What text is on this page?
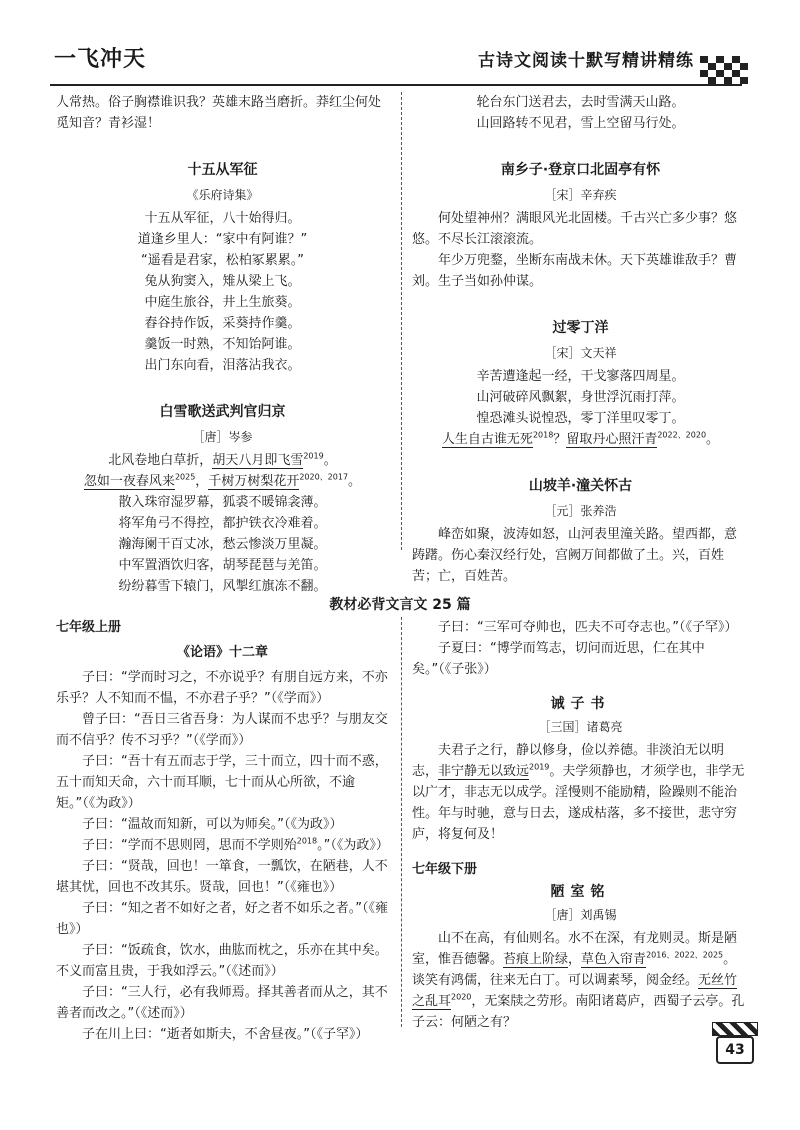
一飞冲天	古诗文阅读十默写精讲精练

人常热。俗子胸襟谁识我？英雄末路当磨折。莽红尘何处觅知音？青衫湿！

十五从军征
《乐府诗集》
十五从军征，八十始得归。
道逢乡里人：“家中有阿谁？”
“遥看是君家，松柏冢累累。”
兔从狗窦入，雉从梁上飞。
中庭生旅谷，井上生旅葵。
舂谷持作饭，采葵持作羹。
羹饭一时熟，不知饴阿谁。
出门东向看，泪落沾我衣。
白雪歌送武判官归京
［唐］岑参
北风卷地白草折，胡天八月即飞雪$^{2019}$。
忽如一夜春风来$^{2025}$，千树万树梨花开$^{2020、2017}$。
散入珠帘湿罗幕，狐裘不暖锦衾薄。
将军角弓不得控，都护铁衣冷难着。
瀚海阑干百丈冰，愁云惨淡万里凝。
中军置酒饮归客，胡琴琵琶与羌笛。
纷纷暮雪下辕门，风掣红旗冻不翻。
轮台东门送君去，去时雪满天山路。
山回路转不见君，雪上空留马行处。
南乡子·登京口北固亭有怀
［宋］辛弃疾

何处望神州？满眼风光北固楼。千古兴亡多少事？悠悠。不尽长江滚滚流。

年少万兜鍪，坐断东南战未休。天下英雄谁敌手？曹刘。生子当如孙仲谋。

过零丁洋
［宋］文天祥
辛苦遭逢起一经，干戈寥落四周星。
山河破碎风飘絮，身世浮沉雨打萍。
惶恐滩头说惶恐，零丁洋里叹零丁。
人生自古谁无死$^{2018}$？留取丹心照汗青$^{2022、2020}$。
山坡羊·潼关怀古
［元］张养浩

峰峦如聚，波涛如怒，山河表里潼关路。望西都，意踌躇。伤心秦汉经行处，宫阙万间都做了土。兴，百姓苦；亡，百姓苦。

教材必背文言文 25 篇
七年级上册
《论语》十二章

子曰：“学而时习之，不亦说乎？有朋自远方来，不亦乐乎？人不知而不愠，不亦君子乎？”（《学而》）

曾子曰：“吾日三省吾身：为人谋而不忠乎？与朋友交而不信乎？传不习乎？”（《学而》）

子曰：“吾十有五而志于学，三十而立，四十而不惑，五十而知天命，六十而耳顺，七十而从心所欲，不逾矩。”（《为政》）

子曰：“温故而知新，可以为师矣。”（《为政》）

子曰：“学而不思则罔，思而不学则殆$^{2018}$。”（《为政》）

子曰：“贤哉，回也！一箪食，一瓢饮，在陋巷，人不堪其忧，回也不改其乐。贤哉，回也！”（《雍也》）

子曰：“知之者不如好之者，好之者不如乐之者。”（《雍也》）

子曰：“饭疏食，饮水，曲肱而枕之，乐亦在其中矣。不义而富且贵，于我如浮云。”（《述而》）

子曰：“三人行，必有我师焉。择其善者而从之，其不善者而改之。”（《述而》）

子在川上曰：“逝者如斯夫，不舍昼夜。”（《子罕》）

子曰：“三军可夺帅也，匹夫不可夺志也。”（《子罕》）

子夏曰：“博学而笃志，切问而近思，仁在其中矣。”（《子张》）

诫子书
［三国］诸葛亮

夫君子之行，静以修身，俭以养德。非淡泊无以明志，非宁静无以致远$^{2019}$。夫学须静也，才须学也，非学无以广才，非志无以成学。淫慢则不能励精，险躁则不能治性。年与时驰，意与日去，遂成枯落，多不接世，悲守穷庐，将复何及！

七年级下册
陋室铭
［唐］刘禹锡

山不在高，有仙则名。水不在深，有龙则灵。斯是陋室，惟吾德馨。苔痕上阶绿，草色入帘青$^{2016、2022、2025}$。谈笑有鸿儒，往来无白丁。可以调素琴，阅金经。无丝竹之乱耳$^{2020}$，无案牍之劳形。南阳诸葛庐，西蜀子云亭。孔子云：何陋之有？

43
